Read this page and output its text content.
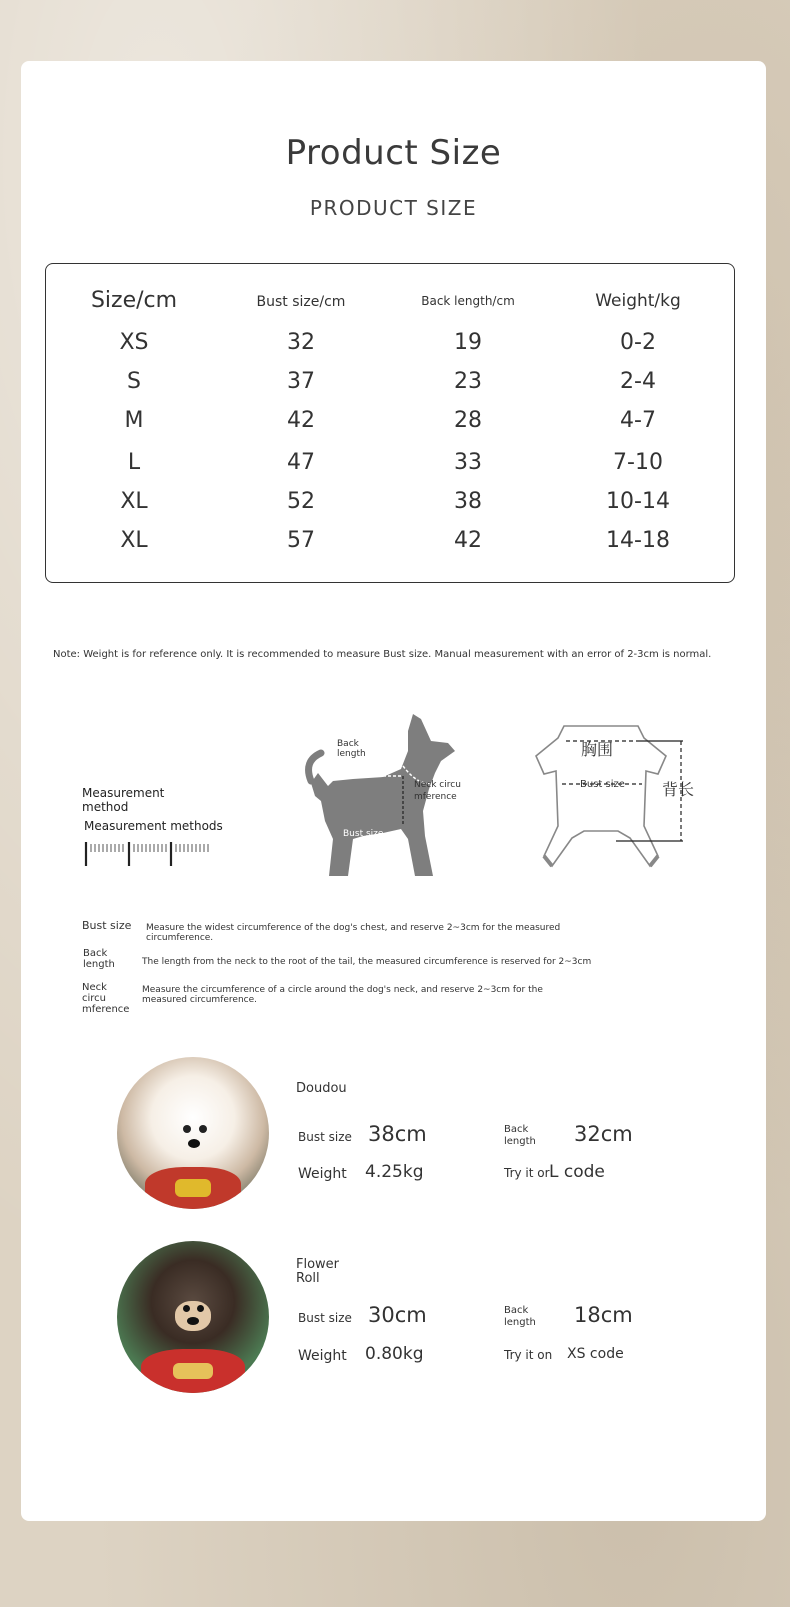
Product Size
PRODUCT SIZE
Size/cm	Bust size/cm	Back length/cm	Weight/kg
XS	32	19	0-2
S	37	23	2-4
M	42	28	4-7
L	47	33	7-10
XL	52	38	10-14
XL	57	42	14-18
Note: Weight is for reference only. It is recommended to measure Bust size. Manual measurement with an error of 2-3cm is normal.
Measurement method
Measurement methods
Back length
Neck circu mference
Bust size
胸围
背长
Bust size
Bust size Measure the widest circumference of the dog's chest, and reserve 2~3cm for the measured circumference.
Back length	The length from the neck to the root of the tail, the measured circumference is reserved for 2~3cm
Neck circu mference
Measure the circumference of a circle around the dog's neck, and reserve 2~3cm for the measured circumference.
Doudou
Bust size 38cm	Back length	32cm
Weight 4.25kg	Try it or L code
Flower Roll
Bust size 30cm	Back length	18cm
Weight 0.80kg	Try it on XS code
